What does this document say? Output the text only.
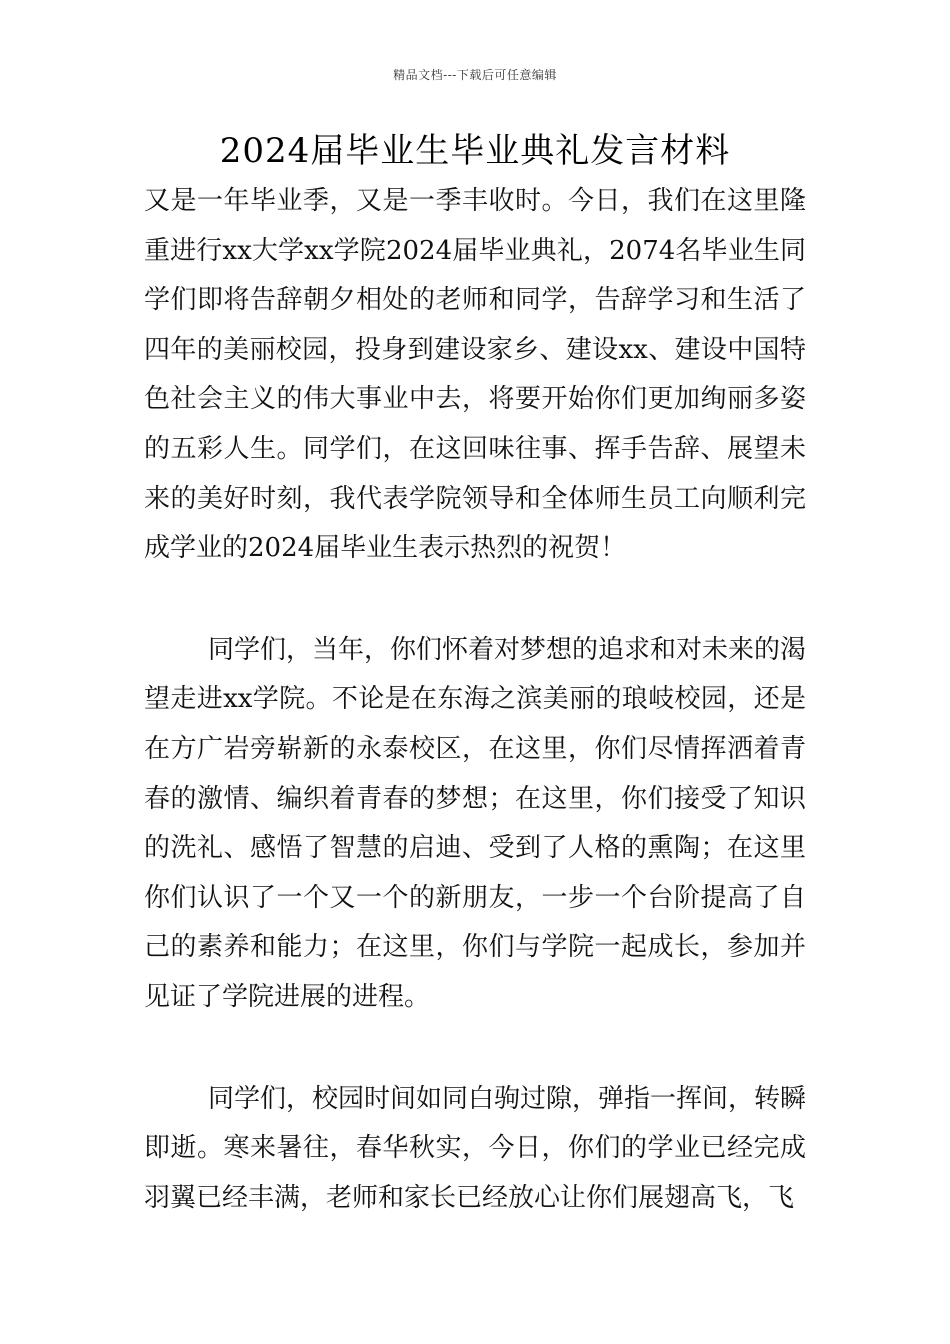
精品文档---下载后可任意编辑
2024届毕业生毕业典礼发言材料

又是一年毕业季，又是一季丰收时。今日，我们在这里隆重进行xx大学xx学院2024届毕业典礼，2074名毕业生同学们即将告辞朝夕相处的老师和同学，告辞学习和生活了四年的美丽校园，投身到建设家乡、建设xx、建设中国特色社会主义的伟大事业中去，将要开始你们更加绚丽多姿的五彩人生。同学们，在这回味往事、挥手告辞、展望未来的美好时刻，我代表学院领导和全体师生员工向顺利完成学业的2024届毕业生表示热烈的祝贺！

同学们，当年，你们怀着对梦想的追求和对未来的渴望走进xx学院。不论是在东海之滨美丽的琅岐校园，还是在方广岩旁崭新的永泰校区，在这里，你们尽情挥洒着青春的激情、编织着青春的梦想；在这里，你们接受了知识的洗礼、感悟了智慧的启迪、受到了人格的熏陶；在这里你们认识了一个又一个的新朋友，一步一个台阶提高了自己的素养和能力；在这里，你们与学院一起成长，参加并见证了学院进展的进程。

同学们，校园时间如同白驹过隙，弹指一挥间，转瞬即逝。寒来暑往，春华秋实，今日，你们的学业已经完成羽翼已经丰满，老师和家长已经放心让你们展翅高飞，飞
